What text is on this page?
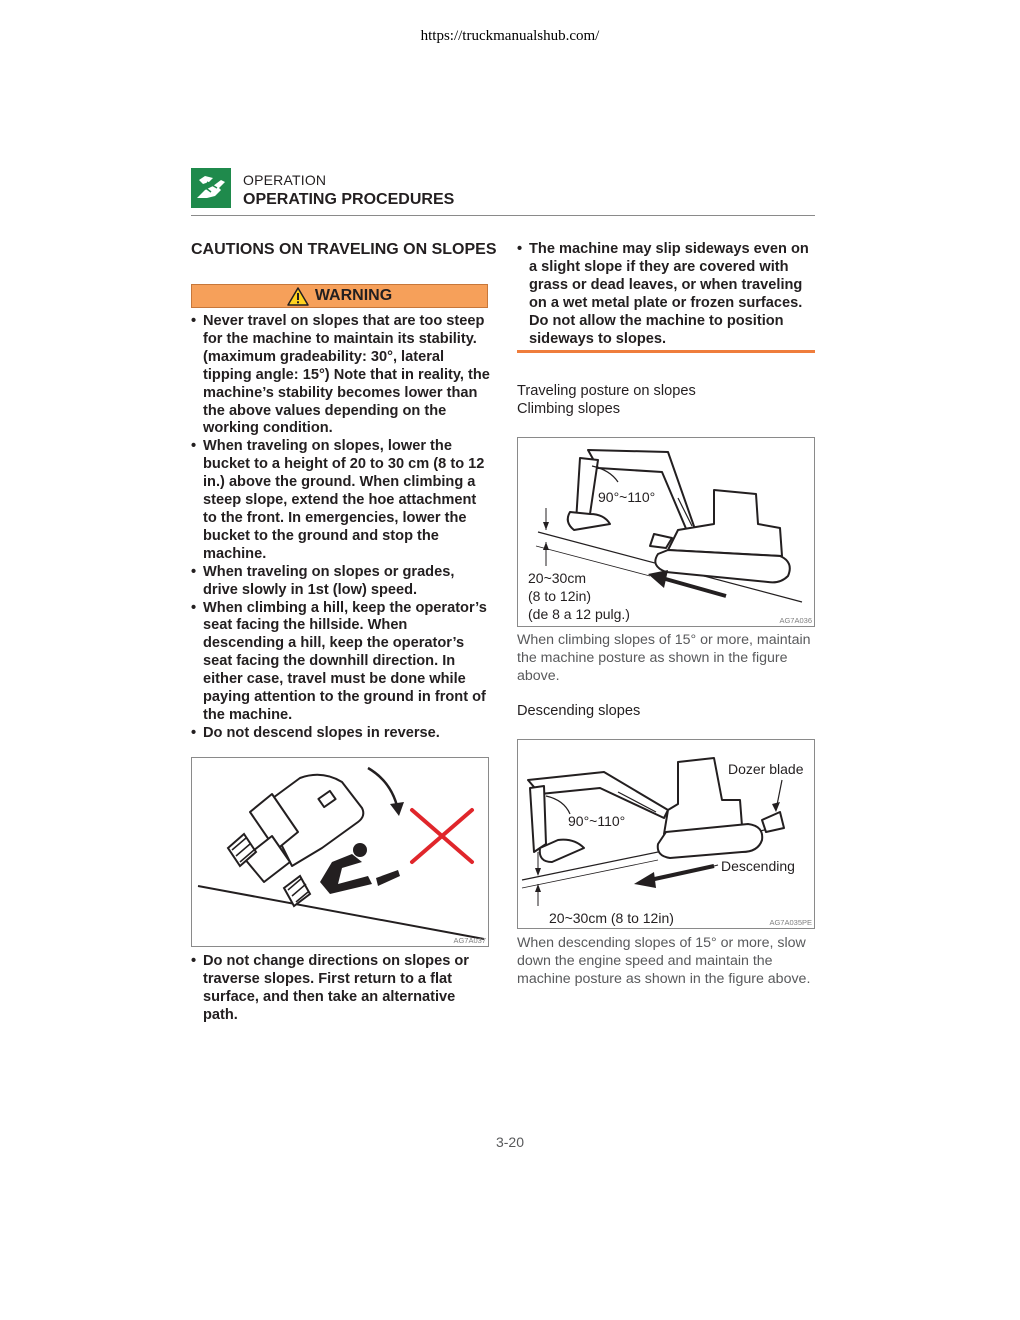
https://truckmanualshub.com/
OPERATION
OPERATING PROCEDURES
CAUTIONS ON TRAVELING ON SLOPES
WARNING
• Never travel on slopes that are too steep for the machine to maintain its stability. (maximum gradeability: 30°, lateral tipping angle: 15°) Note that in reality, the machine’s stability becomes lower than the above values depending on the working condition.
• When traveling on slopes, lower the bucket to a height of 20 to 30 cm (8 to 12 in.) above the ground. When climbing a steep slope, extend the hoe attachment to the front. In emergencies, lower the bucket to the ground and stop the machine.
• When traveling on slopes or grades, drive slowly in 1st (low) speed.
• When climbing a hill, keep the operator’s seat facing the hillside. When descending a hill, keep the operator’s seat facing the downhill direction. In either case, travel must be done while paying attention to the ground in front of the machine.
• Do not descend slopes in reverse.
AG7A037
• Do not change directions on slopes or traverse slopes. First return to a flat surface, and then take an alternative path.
• The machine may slip sideways even on a slight slope if they are covered with grass or dead leaves, or when traveling on a wet metal plate or frozen surfaces. Do not allow the machine to position sideways to slopes.
Traveling posture on slopes
Climbing slopes
90°~110°
20~30cm
(8 to 12in)
(de 8 a 12 pulg.)	AG7A036
When climbing slopes of 15° or more, maintain the machine posture as shown in the figure above.
Descending slopes
Dozer blade
90°~110°
Descending
20~30cm (8 to 12in)	AG7A035PE
When descending slopes of 15° or more, slow down the engine speed and maintain the machine posture as shown in the figure above.
3-20
